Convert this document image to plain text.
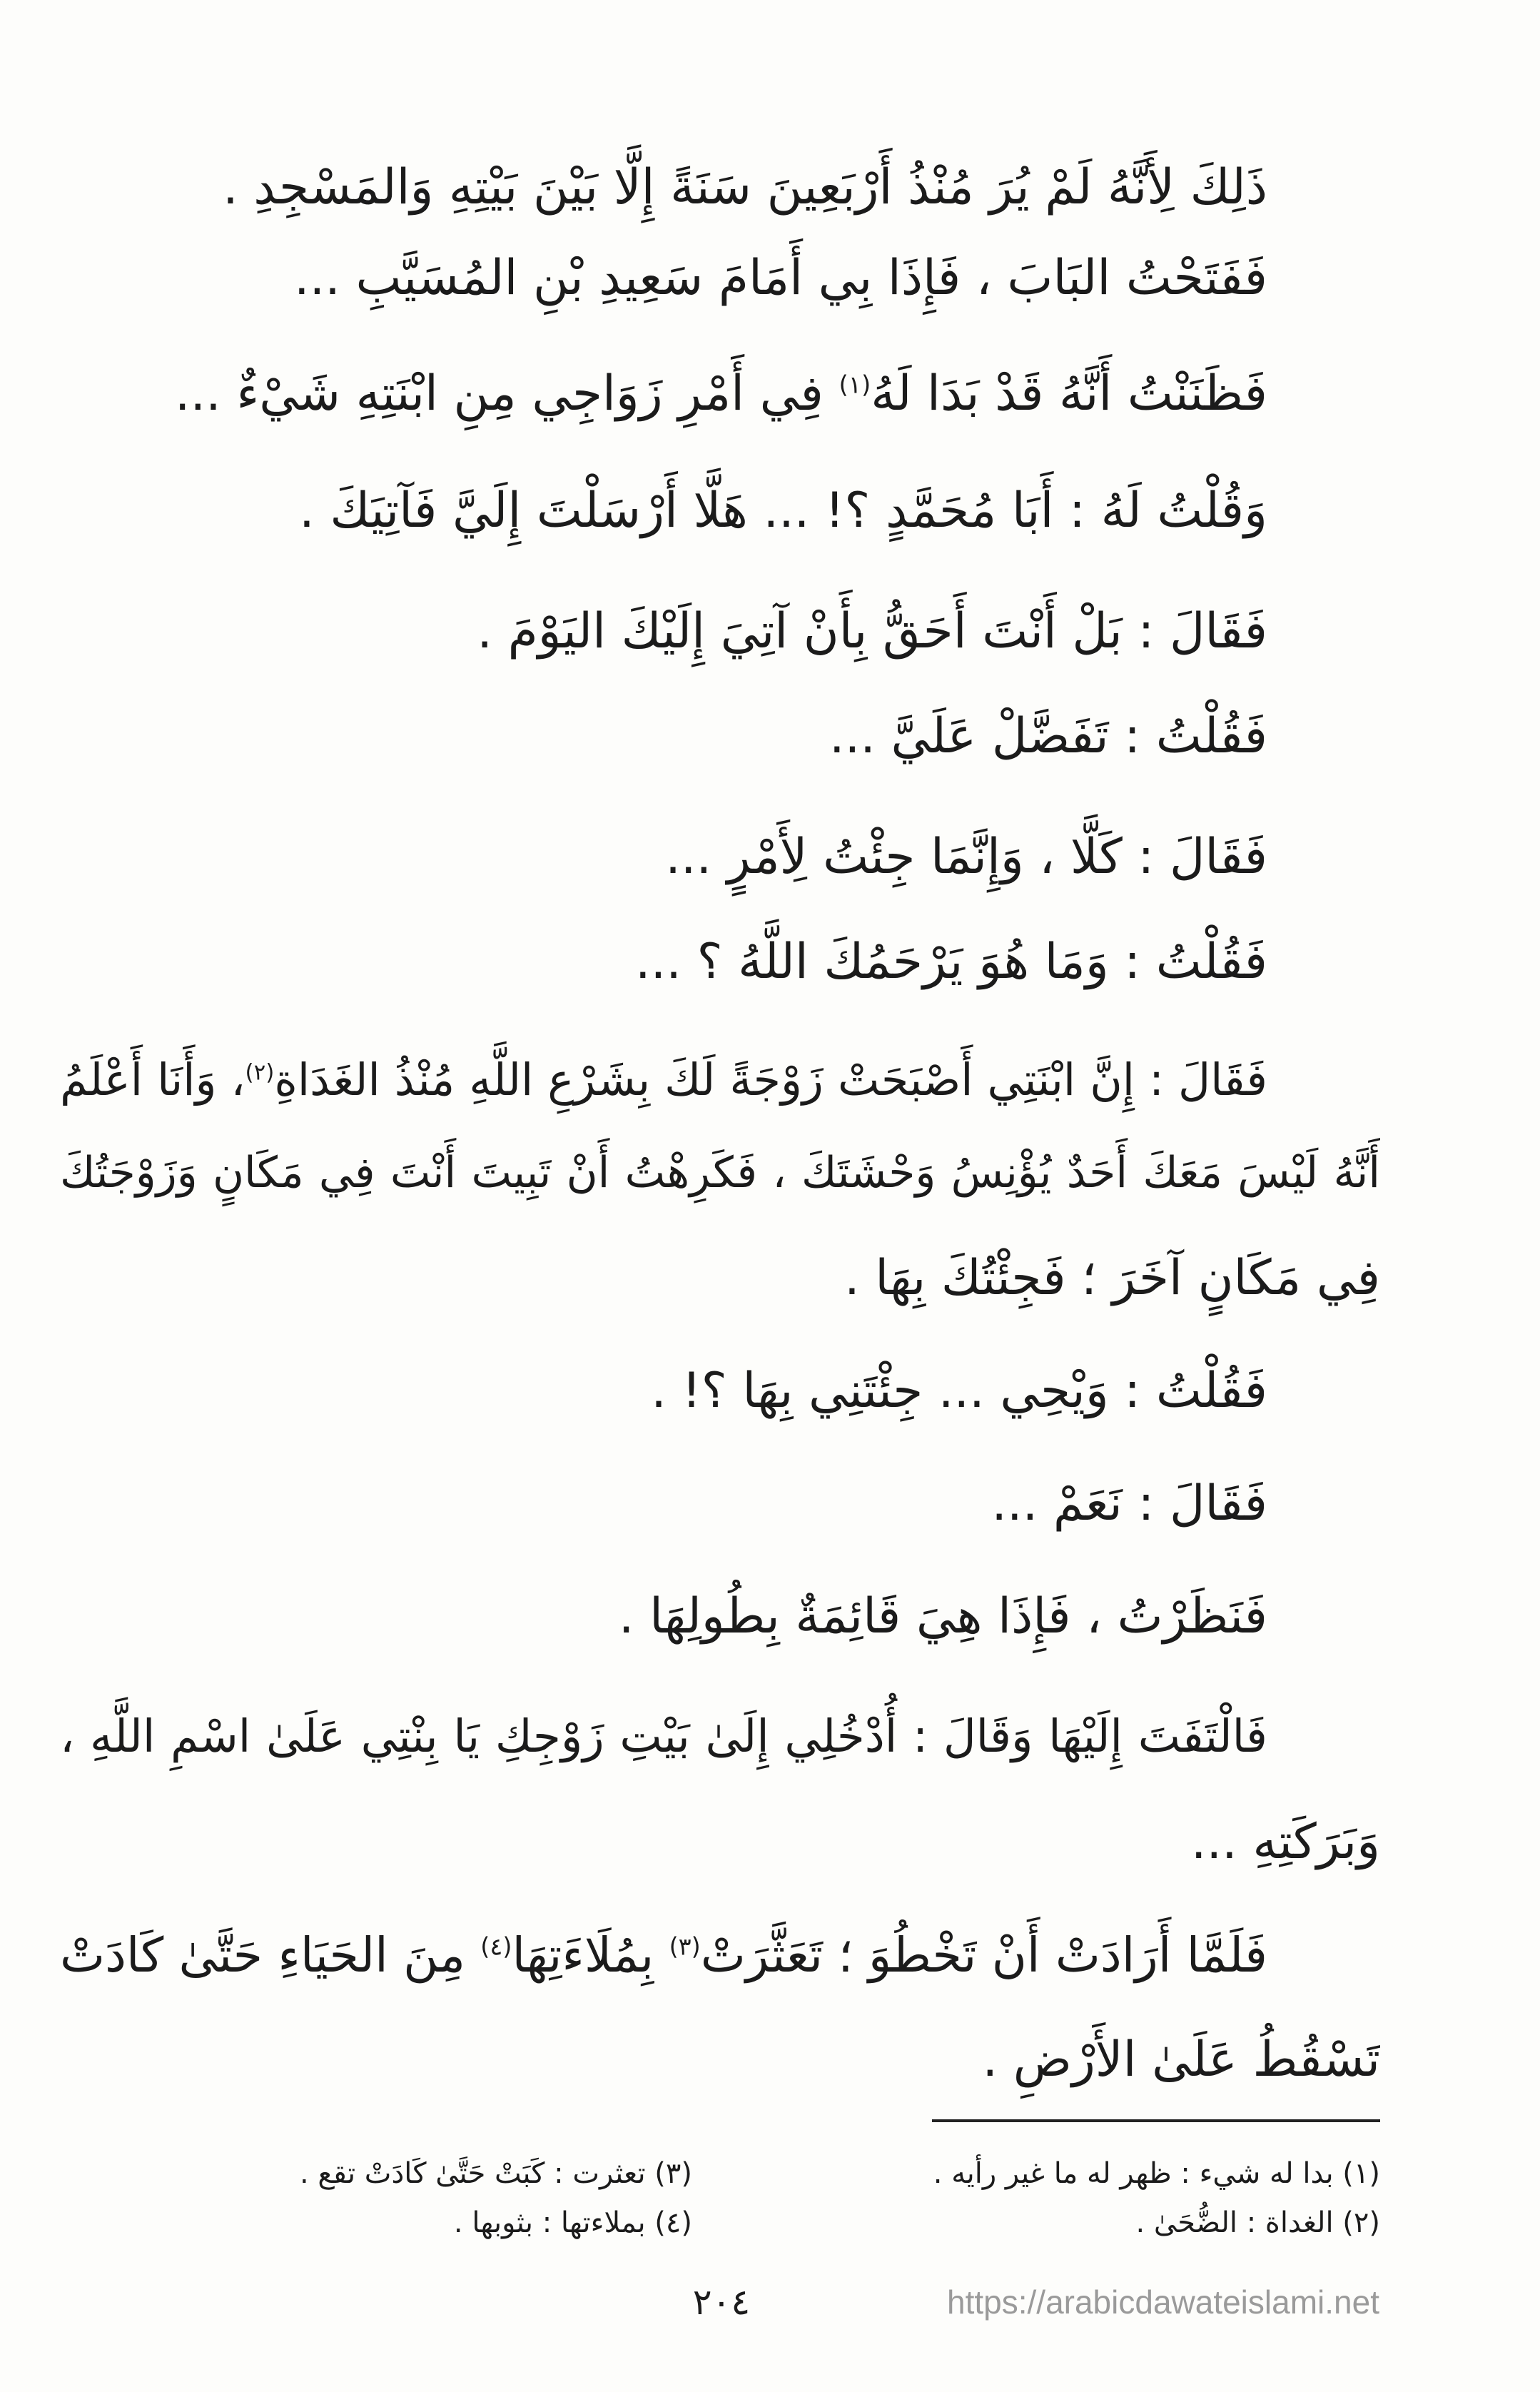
ذَلِكَ لِأَنَّهُ لَمْ يُرَ مُنْذُ أَرْبَعِينَ سَنَةً إِلَّا بَيْنَ بَيْتِهِ وَالمَسْجِدِ .
فَفَتَحْتُ البَابَ ، فَإِذَا بِي أَمَامَ سَعِيدِ بْنِ المُسَيَّبِ ...
فَظَنَنْتُ أَنَّهُ قَدْ بَدَا لَهُ$^{(١)}$ فِي أَمْرِ زَوَاجِي مِنِ ابْنَتِهِ شَيْءٌ ...
وَقُلْتُ لَهُ : أَبَا مُحَمَّدٍ ؟! ... هَلَّا أَرْسَلْتَ إِلَيَّ فَآتِيَكَ .
فَقَالَ : بَلْ أَنْتَ أَحَقُّ بِأَنْ آتِيَ إِلَيْكَ اليَوْمَ .
فَقُلْتُ : تَفَضَّلْ عَلَيَّ ...
فَقَالَ : كَلَّا ، وَإِنَّمَا جِئْتُ لِأَمْرٍ ...
فَقُلْتُ : وَمَا هُوَ يَرْحَمُكَ اللَّهُ ؟ ...
فَقَالَ : إِنَّ ابْنَتِي أَصْبَحَتْ زَوْجَةً لَكَ بِشَرْعِ اللَّهِ مُنْذُ الغَدَاةِ$^{(٢)}$، وَأَنَا أَعْلَمُ
أَنَّهُ لَيْسَ مَعَكَ أَحَدٌ يُؤْنِسُ وَحْشَتَكَ ، فَكَرِهْتُ أَنْ تَبِيتَ أَنْتَ فِي مَكَانٍ وَزَوْجَتُكَ
فِي مَكَانٍ آخَرَ ؛ فَجِئْتُكَ بِهَا .
فَقُلْتُ : وَيْحِي ... جِئْتَنِي بِهَا ؟! .
فَقَالَ : نَعَمْ ...
فَنَظَرْتُ ، فَإِذَا هِيَ قَائِمَةٌ بِطُولِهَا .
فَالْتَفَتَ إِلَيْهَا وَقَالَ : أُدْخُلِي إِلَىٰ بَيْتِ زَوْجِكِ يَا بِنْتِي عَلَىٰ اسْمِ اللَّهِ ،
وَبَرَكَتِهِ ...
فَلَمَّا أَرَادَتْ أَنْ تَخْطُوَ ؛ تَعَثَّرَتْ$^{(٣)}$ بِمُلَاءَتِهَا$^{(٤)}$ مِنَ الحَيَاءِ حَتَّىٰ كَادَتْ
تَسْقُطُ عَلَىٰ الأَرْضِ .
(١) بدا له شيء : ظهر له ما غير رأيه .
(٢) الغداة : الضُّحَىٰ .
(٣) تعثرت : كَبَتْ حَتَّىٰ كَادَتْ تقع .
(٤) بملاءتها : بثوبها .
٢٠٤	https://arabicdawateislami.net
